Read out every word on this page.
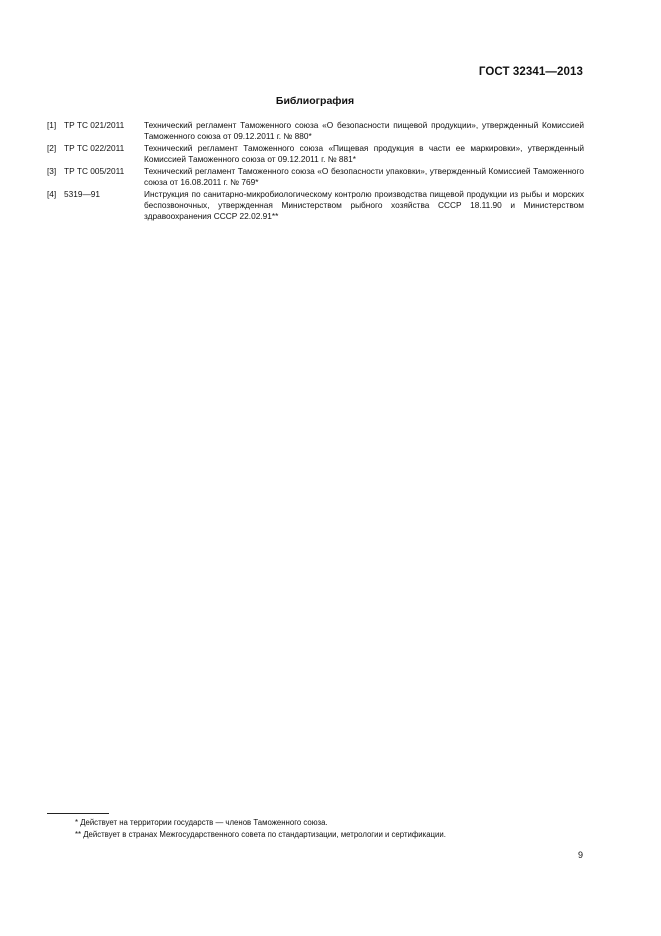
ГОСТ 32341—2013
Библиография
[1] ТР ТС 021/2011	Технический регламент Таможенного союза «О безопасности пищевой продукции», утвержденный Комиссией Таможенного союза от 09.12.2011 г. № 880*
[2] ТР ТС 022/2011	Технический регламент Таможенного союза «Пищевая продукция в части ее маркировки», утвержденный Комиссией Таможенного союза от 09.12.2011 г. № 881*
[3] ТР ТС 005/2011	Технический регламент Таможенного союза «О безопасности упаковки», утвержденный Комиссией Таможенного союза от 16.08.2011 г. № 769*
[4] 5319—91	Инструкция по санитарно-микробиологическому контролю производства пищевой продукции из рыбы и морских беспозвоночных, утвержденная Министерством рыбного хозяйства СССР 18.11.90 и Министерством здравоохранения СССР 22.02.91**
* Действует на территории государств — членов Таможенного союза.
** Действует в странах Межгосударственного совета по стандартизации, метрологии и сертификации.
9
